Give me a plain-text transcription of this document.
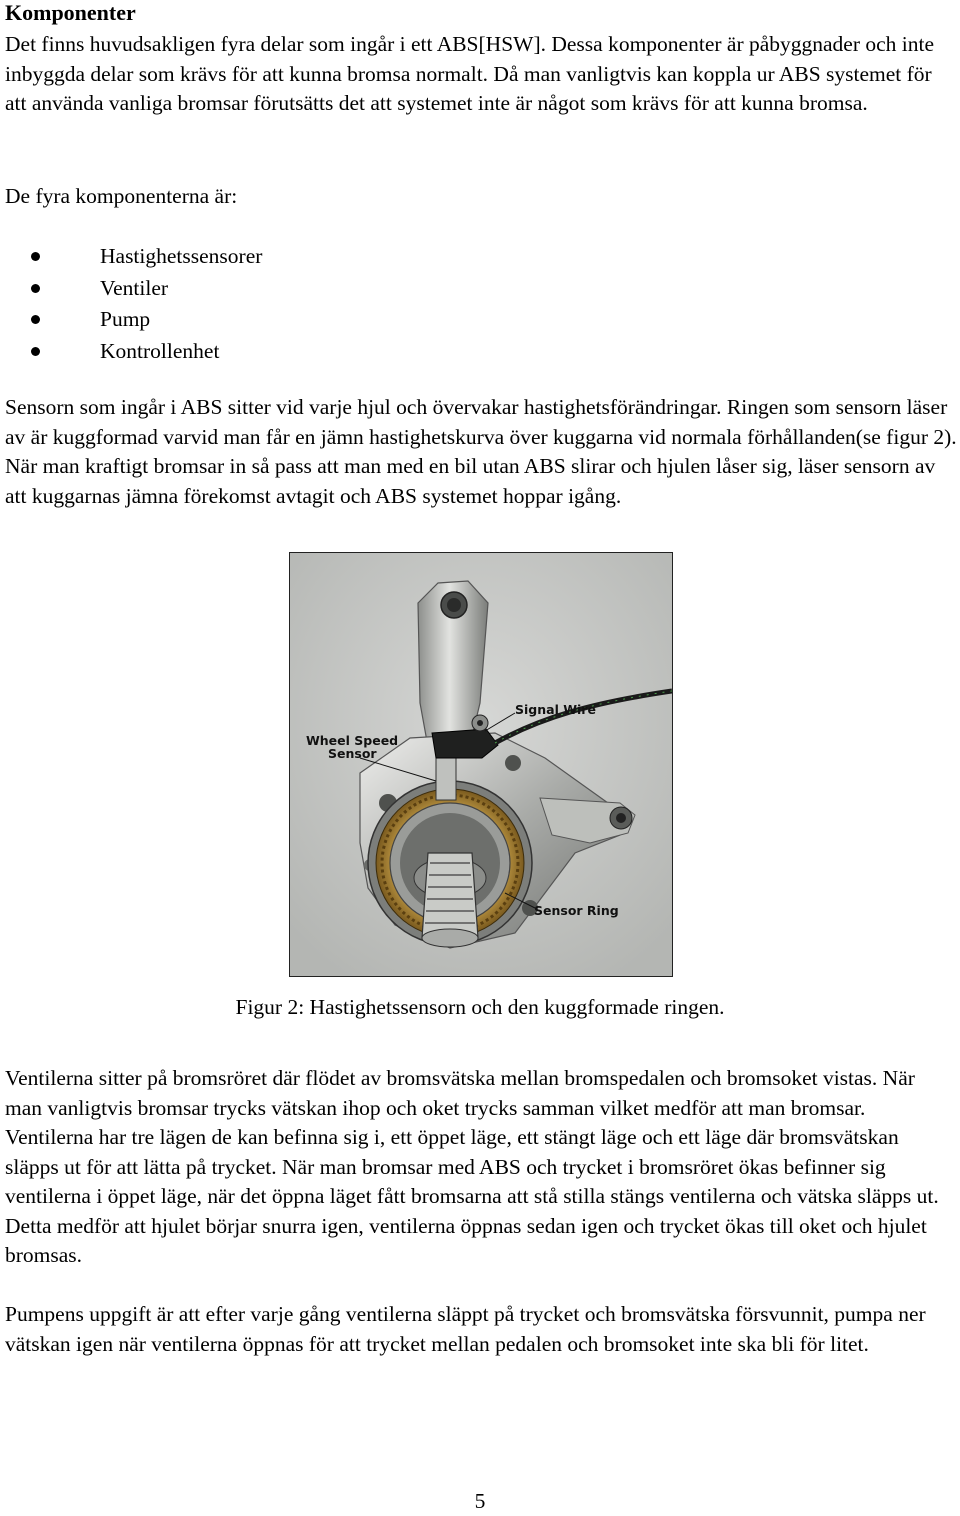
Komponenter

Det finns huvudsakligen fyra delar som ingår i ett ABS[HSW]. Dessa komponenter är påbyggnader och inte inbyggda delar som krävs för att kunna bromsa normalt. Då man vanligtvis kan koppla ur ABS systemet för att använda vanliga bromsar förutsätts det att systemet inte är något som krävs för att kunna bromsa.

De fyra komponenterna är:

Hastighetssensorer
Ventiler
Pump
Kontrollenhet

Sensorn som ingår i ABS sitter vid varje hjul och övervakar hastighetsförändringar. Ringen som sensorn läser av är kuggformad varvid man får en jämn hastighetskurva över kuggarna vid normala förhållanden(se figur 2). När man kraftigt bromsar in så pass att man med en bil utan ABS slirar och hjulen låser sig, läser sensorn av att kuggarnas jämna förekomst avtagit och ABS systemet hoppar igång.

Signal Wire
Wheel Speed
Sensor
Sensor Ring

Figur 2: Hastighetssensorn och den kuggformade ringen.

Ventilerna sitter på bromsröret där flödet av bromsvätska mellan bromspedalen och bromsoket vistas. När man vanligtvis bromsar trycks vätskan ihop och oket trycks samman vilket medför att man bromsar. Ventilerna har tre lägen de kan befinna sig i, ett öppet läge, ett stängt läge och ett läge där bromsvätskan släpps ut för att lätta på trycket. När man bromsar med ABS och trycket i bromsröret ökas befinner sig ventilerna i öppet läge, när det öppna läget fått bromsarna att stå stilla stängs ventilerna och vätska släpps ut. Detta medför att hjulet börjar snurra igen, ventilerna öppnas sedan igen och trycket ökas till oket och hjulet bromsas.

Pumpens uppgift är att efter varje gång ventilerna släppt på trycket och bromsvätska försvunnit, pumpa ner vätskan igen när ventilerna öppnas för att trycket mellan pedalen och bromsoket inte ska bli för litet.

5
